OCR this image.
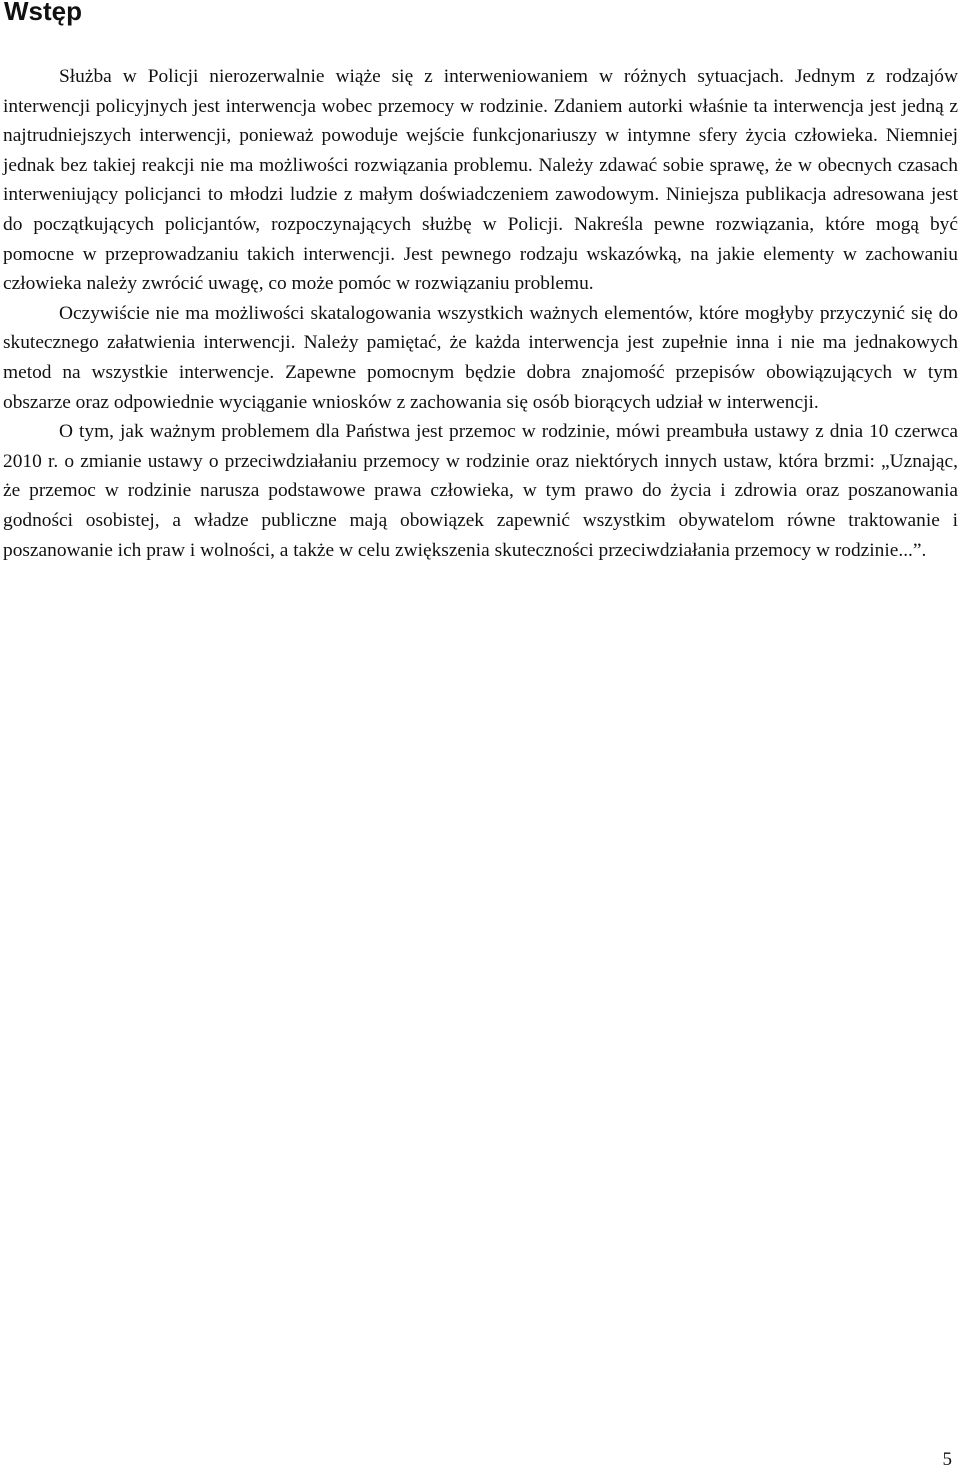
Wstęp

Służba w Policji nierozerwalnie wiąże się z interweniowaniem w różnych sytuacjach. Jednym z rodzajów interwencji policyjnych jest interwencja wobec przemocy w rodzinie. Zdaniem autorki właśnie ta interwencja jest jedną z najtrudniejszych interwencji, ponieważ powoduje wejście funkcjonariuszy w intymne sfery życia człowieka. Niemniej jednak bez takiej reakcji nie ma możliwości rozwiązania problemu. Należy zdawać sobie sprawę, że w obecnych czasach interweniujący policjanci to młodzi ludzie z małym doświadczeniem zawodowym. Niniejsza publikacja adresowana jest do początkujących policjantów, rozpoczynających służbę w Policji. Nakreśla pewne rozwiązania, które mogą być pomocne w przeprowadzaniu takich interwencji. Jest pewnego rodzaju wskazówką, na jakie elementy w zachowaniu człowieka należy zwrócić uwagę, co może pomóc w rozwiązaniu problemu.

Oczywiście nie ma możliwości skatalogowania wszystkich ważnych elementów, które mogłyby przyczynić się do skutecznego załatwienia interwencji. Należy pamiętać, że każda interwencja jest zupełnie inna i nie ma jednakowych metod na wszystkie interwencje. Zapewne pomocnym będzie dobra znajomość przepisów obowiązujących w tym obszarze oraz odpowiednie wyciąganie wniosków z zachowania się osób biorących udział w interwencji.

O tym, jak ważnym problemem dla Państwa jest przemoc w rodzinie, mówi preambuła ustawy z dnia 10 czerwca 2010 r. o zmianie ustawy o przeciwdziałaniu przemocy w rodzinie oraz niektórych innych ustaw, która brzmi: „Uznając, że przemoc w rodzinie narusza podstawowe prawa człowieka, w tym prawo do życia i zdrowia oraz poszanowania godności osobistej, a władze publiczne mają obowiązek zapewnić wszystkim obywatelom równe traktowanie i poszanowanie ich praw i wolności, a także w celu zwiększenia skuteczności przeciwdziałania przemocy w rodzinie...”.

5
